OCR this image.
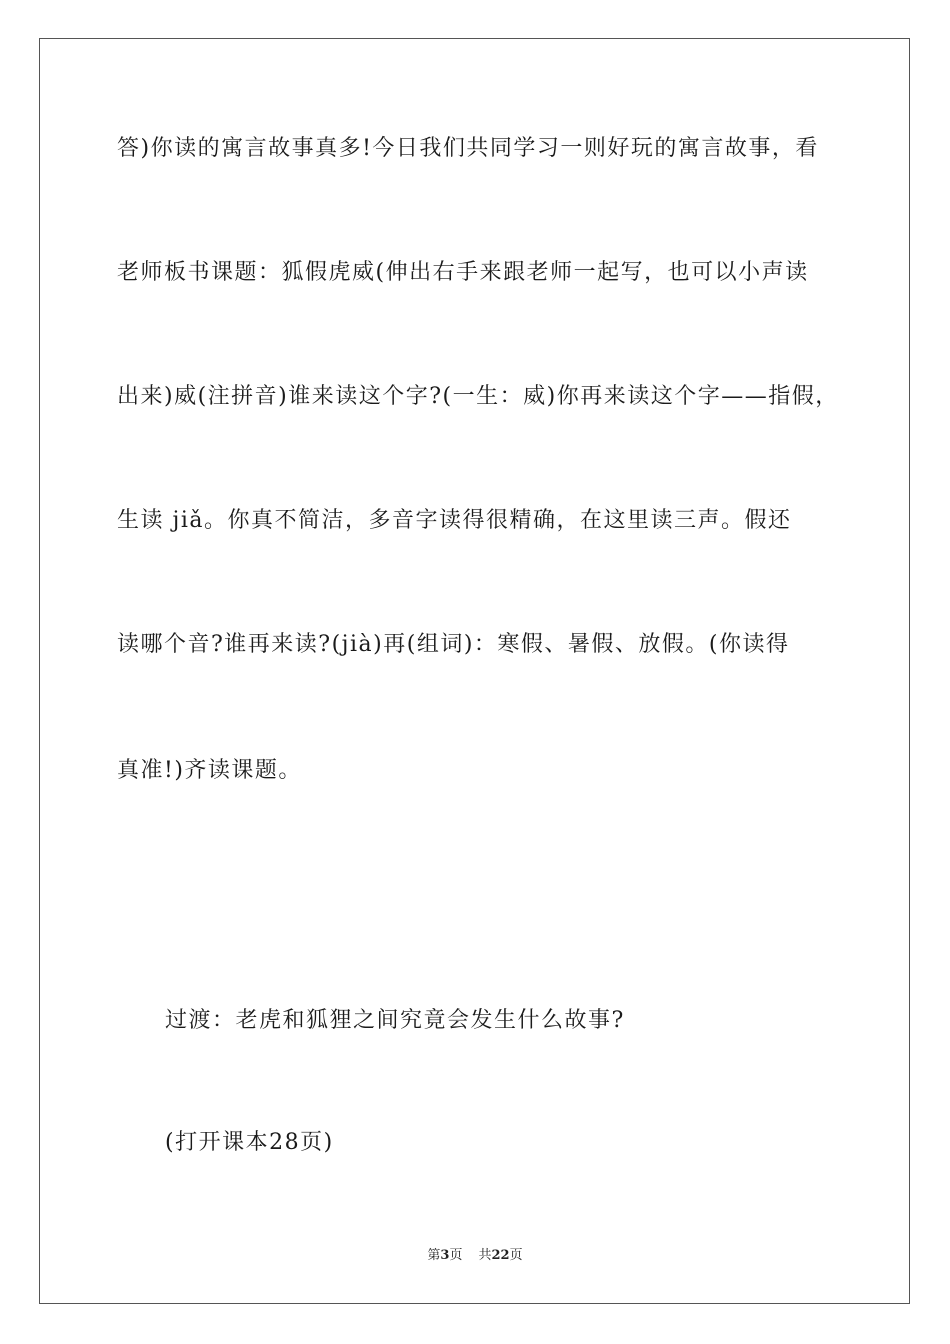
答)你读的寓言故事真多!今日我们共同学习一则好玩的寓言故事，看
老师板书课题：狐假虎威(伸出右手来跟老师一起写，也可以小声读
出来)威(注拼音)谁来读这个字?(一生：威)你再来读这个字——指假，
生读 jiǎ。你真不简洁，多音字读得很精确，在这里读三声。假还
读哪个音?谁再来读?(jià)再(组词)：寒假、暑假、放假。(你读得
真准!)齐读课题。
过渡：老虎和狐狸之间究竟会发生什么故事?
(打开课本28页)
第3页 共22页
